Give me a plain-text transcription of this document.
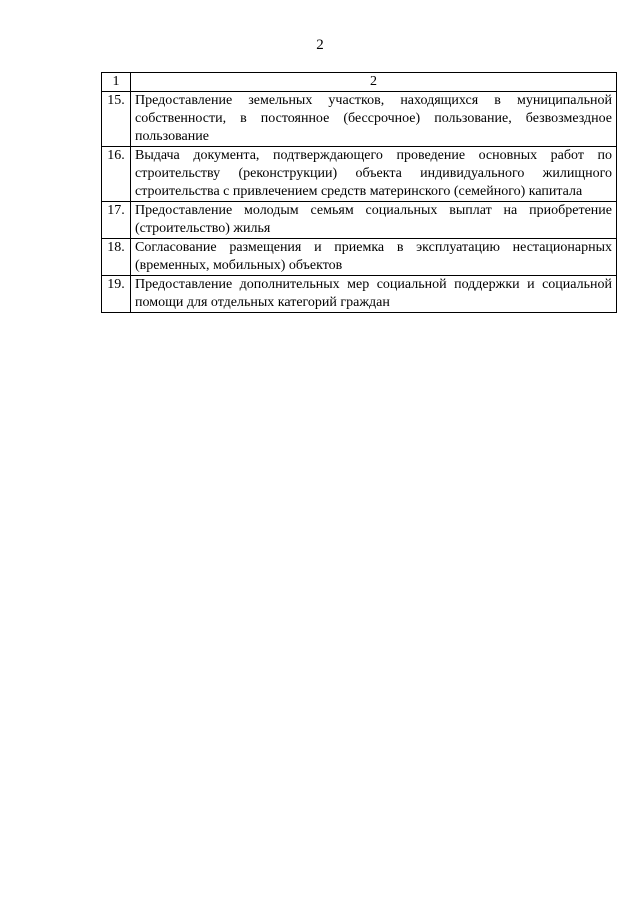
2
1	2
15.	Предоставление земельных участков, находящихся в муниципальной собственности, в постоянное (бессрочное) пользование, безвозмездное пользование
16.	Выдача документа, подтверждающего проведение основных работ по строительству (реконструкции) объекта индивидуального жилищного строительства с привлечением средств материнского (семейного) капитала
17.	Предоставление молодым семьям социальных выплат на приобретение (строительство) жилья
18.	Согласование размещения и приемка в эксплуатацию нестационарных (временных, мобильных) объектов
19.	Предоставление дополнительных мер социальной поддержки и социальной помощи для отдельных категорий граждан
